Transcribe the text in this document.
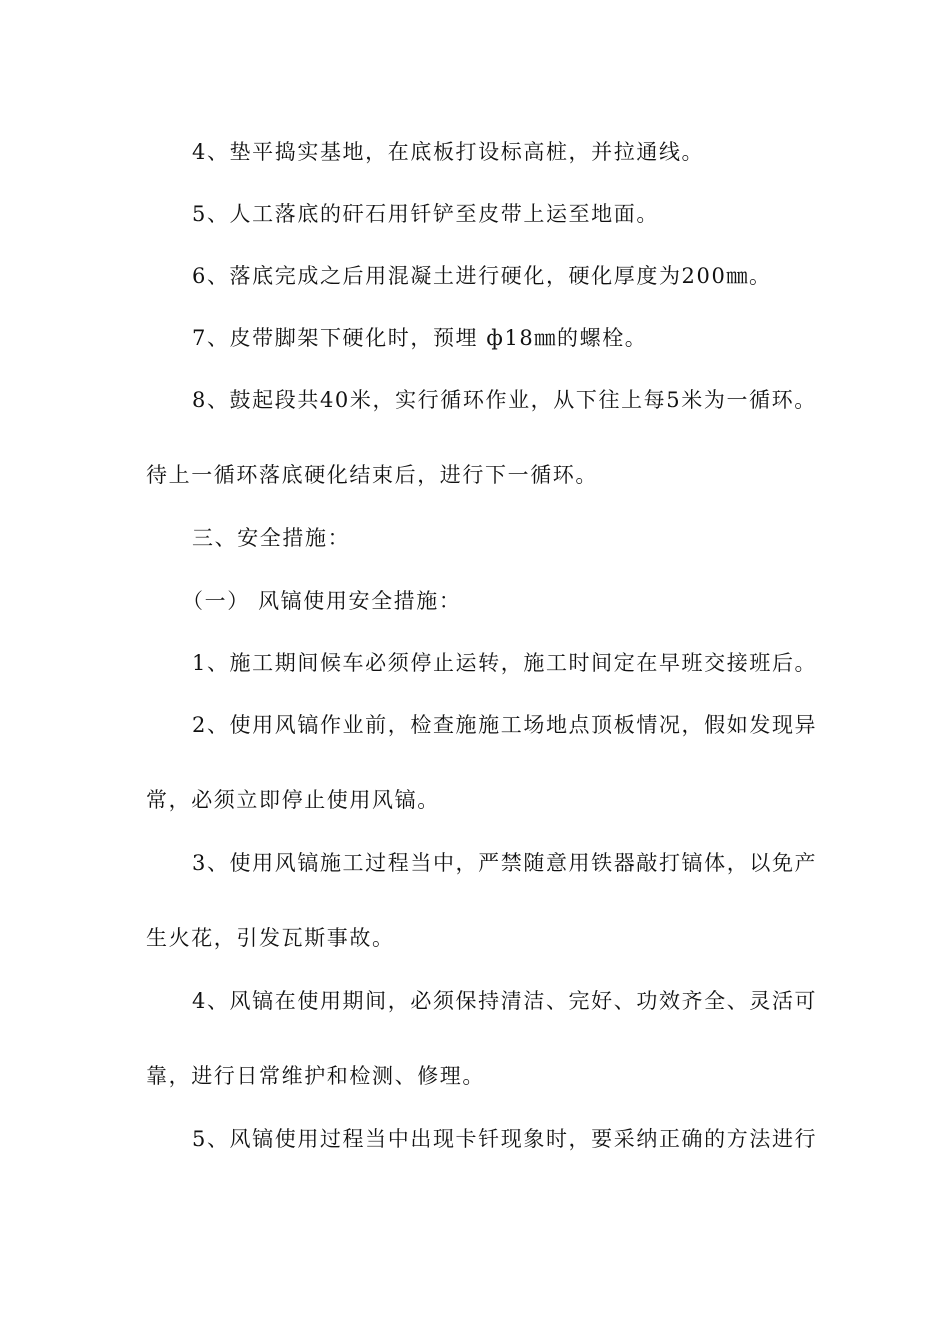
4、垫平捣实基地，在底板打设标高桩，并拉通线。
5、人工落底的矸石用钎铲至皮带上运至地面。
6、落底完成之后用混凝土进行硬化，硬化厚度为200㎜。
7、皮带脚架下硬化时，预埋 ф18㎜的螺栓。
8、鼓起段共40米，实行循环作业，从下往上每5米为一循环。
待上一循环落底硬化结束后，进行下一循环。
三、安全措施：
（一） 风镐使用安全措施：
1、施工期间候车必须停止运转，施工时间定在早班交接班后。
2、使用风镐作业前，检查施施工场地点顶板情况，假如发现异
常，必须立即停止使用风镐。
3、使用风镐施工过程当中，严禁随意用铁器敲打镐体，以免产
生火花，引发瓦斯事故。
4、风镐在使用期间，必须保持清洁、完好、功效齐全、灵活可
靠，进行日常维护和检测、修理。
5、风镐使用过程当中出现卡钎现象时，要采纳正确的方法进行
